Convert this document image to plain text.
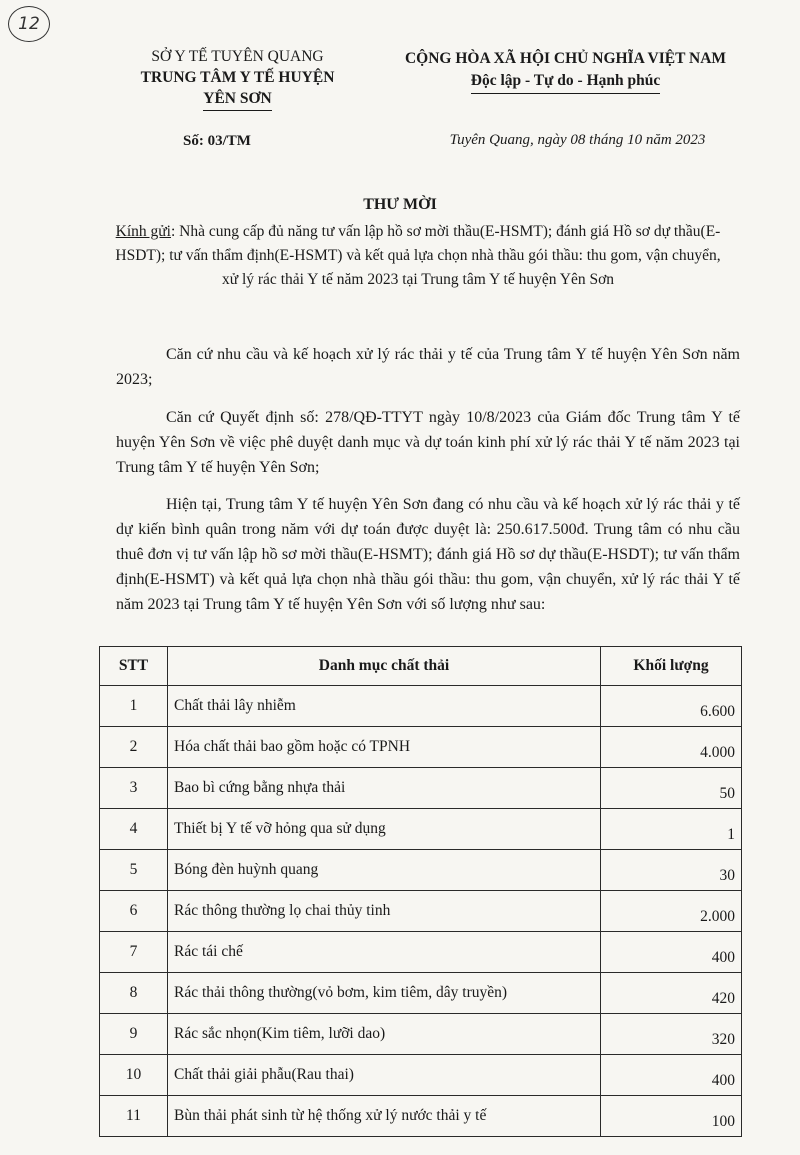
12
SỞ Y TẾ TUYÊN QUANG
TRUNG TÂM Y TẾ HUYỆN
YÊN SƠN
CỘNG HÒA XÃ HỘI CHỦ NGHĨA VIỆT NAM
Độc lập - Tự do - Hạnh phúc
Số: 03/TM	Tuyên Quang, ngày 08 tháng 10 năm 2023
THƯ MỜI
Kính gửi: Nhà cung cấp đủ năng tư vấn lập hồ sơ mời thầu(E-HSMT); đánh giá Hồ sơ dự thầu(E-HSDT); tư vấn thẩm định(E-HSMT) và kết quả lựa chọn nhà thầu gói thầu: thu gom, vận chuyển, xử lý rác thải Y tế năm 2023 tại Trung tâm Y tế huyện Yên Sơn
Căn cứ nhu cầu và kế hoạch xử lý rác thải y tế của Trung tâm Y tế huyện Yên Sơn năm 2023;
Căn cứ Quyết định số: 278/QĐ-TTYT ngày 10/8/2023 của Giám đốc Trung tâm Y tế huyện Yên Sơn về việc phê duyệt danh mục và dự toán kinh phí xử lý rác thải Y tế năm 2023 tại Trung tâm Y tế huyện Yên Sơn;
Hiện tại, Trung tâm Y tế huyện Yên Sơn đang có nhu cầu và kế hoạch xử lý rác thải y tế dự kiến bình quân trong năm với dự toán được duyệt là: 250.617.500đ. Trung tâm có nhu cầu thuê đơn vị tư vấn lập hồ sơ mời thầu(E-HSMT); đánh giá Hồ sơ dự thầu(E-HSDT); tư vấn thẩm định(E-HSMT) và kết quả lựa chọn nhà thầu gói thầu: thu gom, vận chuyển, xử lý rác thải Y tế năm 2023 tại Trung tâm Y tế huyện Yên Sơn với số lượng như sau:
STT	Danh mục chất thải	Khối lượng
1	Chất thải lây nhiễm	6.600
2	Hóa chất thải bao gồm hoặc có TPNH	4.000
3	Bao bì cứng bằng nhựa thải	50
4	Thiết bị Y tế vỡ hỏng qua sử dụng	1
5	Bóng đèn huỳnh quang	30
6	Rác thông thường lọ chai thủy tinh	2.000
7	Rác tái chế	400
8	Rác thải thông thường(vỏ bơm, kim tiêm, dây truyền)	420
9	Rác sắc nhọn(Kim tiêm, lưỡi dao)	320
10	Chất thải giải phẫu(Rau thai)	400
11	Bùn thải phát sinh từ hệ thống xử lý nước thải y tế	100
